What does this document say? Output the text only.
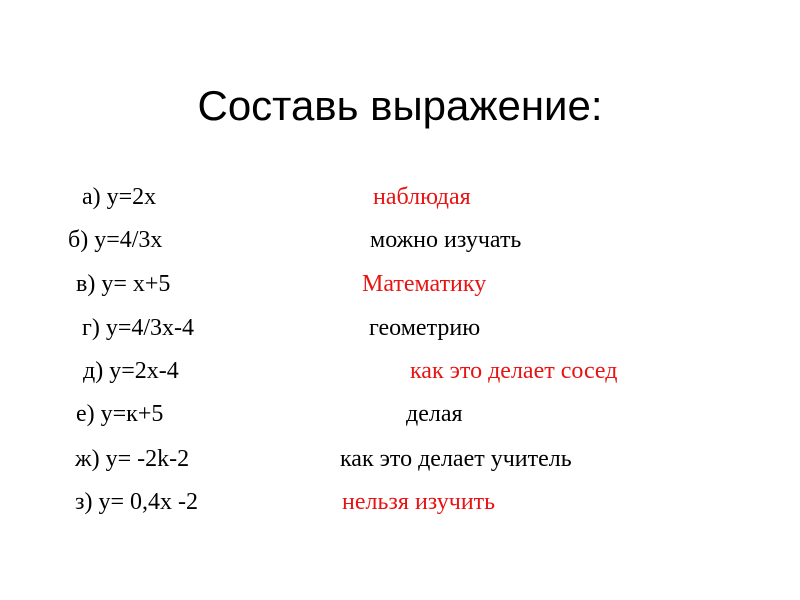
Составь выражение:
а) у=2х	наблюдая
б) у=4/3х	можно изучать
в) у= х+5	Математику
г) у=4/3х-4	геометрию
д) у=2х-4	как это делает сосед
е) у=к+5	делая
ж) у= -2k-2	как это делает учитель
з) у= 0,4х -2	нельзя изучить
